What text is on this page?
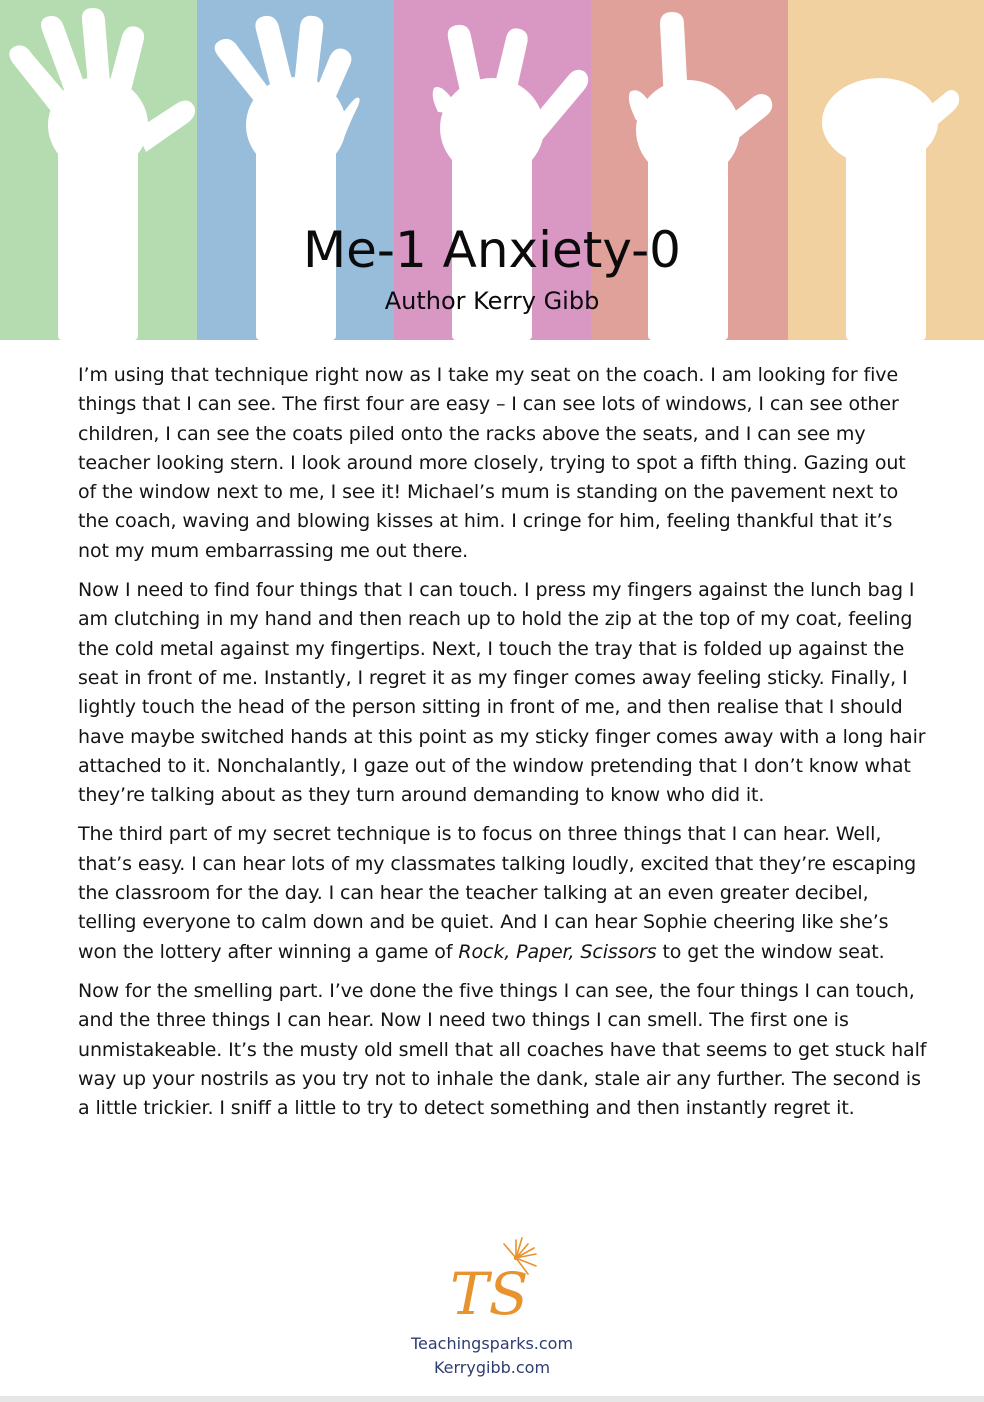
Me-1 Anxiety-0
Author Kerry Gibb

I’m using that technique right now as I take my seat on the coach. I am looking for five things that I can see. The first four are easy – I can see lots of windows, I can see other children, I can see the coats piled onto the racks above the seats, and I can see my teacher looking stern. I look around more closely, trying to spot a fifth thing. Gazing out of the window next to me, I see it! Michael’s mum is standing on the pavement next to the coach, waving and blowing kisses at him. I cringe for him, feeling thankful that it’s not my mum embarrassing me out there.

Now I need to find four things that I can touch. I press my fingers against the lunch bag I am clutching in my hand and then reach up to hold the zip at the top of my coat, feeling the cold metal against my fingertips. Next, I touch the tray that is folded up against the seat in front of me. Instantly, I regret it as my finger comes away feeling sticky. Finally, I lightly touch the head of the person sitting in front of me, and then realise that I should have maybe switched hands at this point as my sticky finger comes away with a long hair attached to it. Nonchalantly, I gaze out of the window pretending that I don’t know what they’re talking about as they turn around demanding to know who did it.

The third part of my secret technique is to focus on three things that I can hear. Well, that’s easy. I can hear lots of my classmates talking loudly, excited that they’re escaping the classroom for the day. I can hear the teacher talking at an even greater decibel, telling everyone to calm down and be quiet. And I can hear Sophie cheering like she’s won the lottery after winning a game of Rock, Paper, Scissors to get the window seat.

Now for the smelling part. I’ve done the five things I can see, the four things I can touch, and the three things I can hear. Now I need two things I can smell. The first one is unmistakeable. It’s the musty old smell that all coaches have that seems to get stuck half way up your nostrils as you try not to inhale the dank, stale air any further. The second is a little trickier. I sniff a little to try to detect something and then instantly regret it.

TS
Teachingsparks.com
Kerrygibb.com
